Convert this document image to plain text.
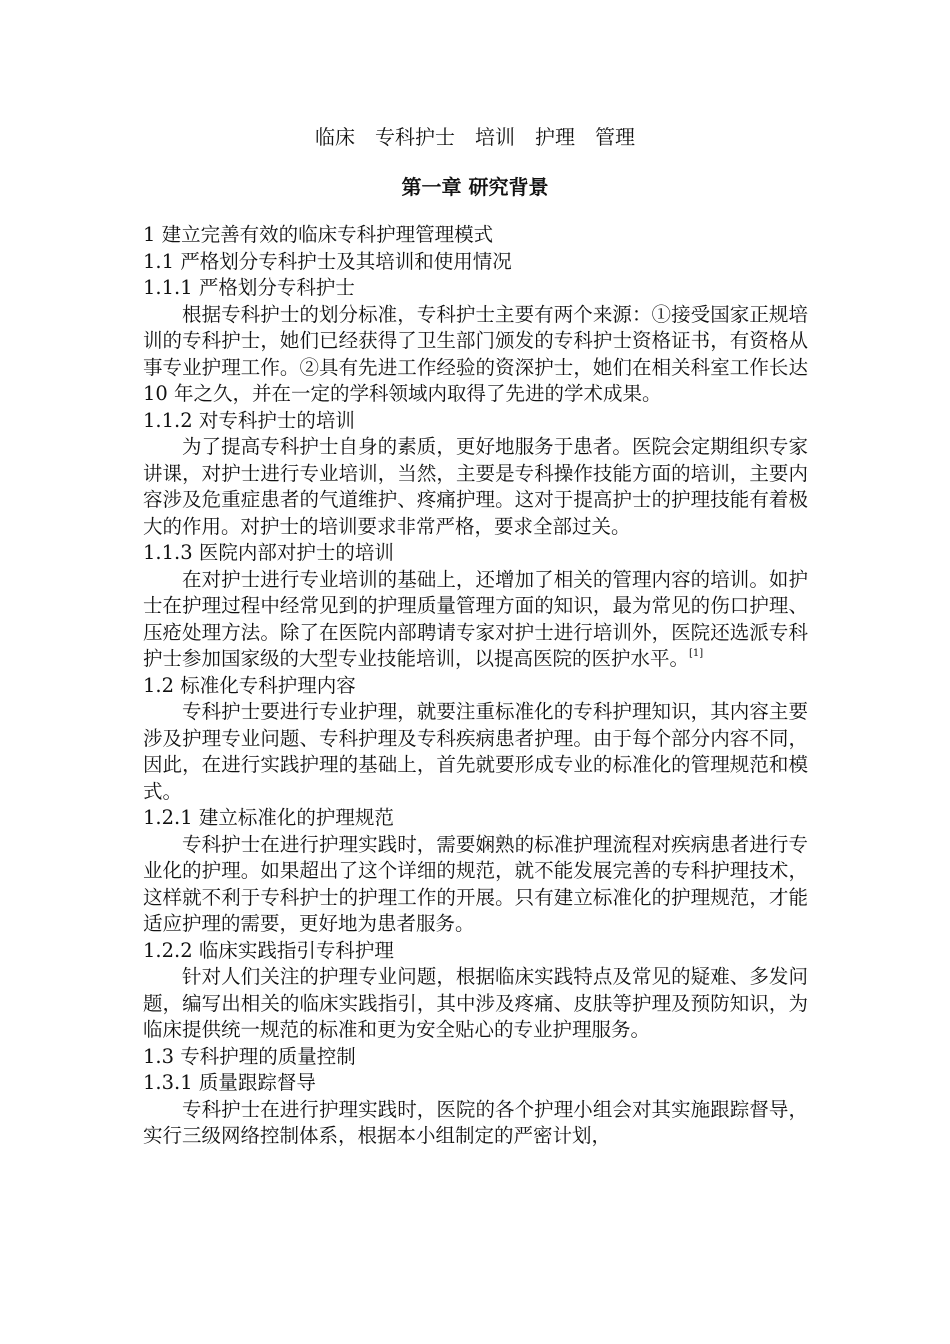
临床　专科护士　培训　护理　管理
第一章 研究背景
1 建立完善有效的临床专科护理管理模式
1.1 严格划分专科护士及其培训和使用情况
1.1.1 严格划分专科护士
根据专科护士的划分标准，专科护士主要有两个来源：①接受国家正规培训的专科护士，她们已经获得了卫生部门颁发的专科护士资格证书，有资格从事专业护理工作。②具有先进工作经验的资深护士，她们在相关科室工作长达 10 年之久，并在一定的学科领域内取得了先进的学术成果。
1.1.2 对专科护士的培训
为了提高专科护士自身的素质，更好地服务于患者。医院会定期组织专家讲课，对护士进行专业培训，当然，主要是专科操作技能方面的培训，主要内容涉及危重症患者的气道维护、疼痛护理。这对于提高护士的护理技能有着极大的作用。对护士的培训要求非常严格，要求全部过关。
1.1.3 医院内部对护士的培训
在对护士进行专业培训的基础上，还增加了相关的管理内容的培训。如护士在护理过程中经常见到的护理质量管理方面的知识，最为常见的伤口护理、压疮处理方法。除了在医院内部聘请专家对护士进行培训外，医院还选派专科护士参加国家级的大型专业技能培训，以提高医院的医护水平。[1]
1.2 标准化专科护理内容
专科护士要进行专业护理，就要注重标准化的专科护理知识，其内容主要涉及护理专业问题、专科护理及专科疾病患者护理。由于每个部分内容不同，因此，在进行实践护理的基础上，首先就要形成专业的标准化的管理规范和模式。
1.2.1 建立标准化的护理规范
专科护士在进行护理实践时，需要娴熟的标准护理流程对疾病患者进行专业化的护理。如果超出了这个详细的规范，就不能发展完善的专科护理技术，这样就不利于专科护士的护理工作的开展。只有建立标准化的护理规范，才能适应护理的需要，更好地为患者服务。
1.2.2 临床实践指引专科护理
针对人们关注的护理专业问题，根据临床实践特点及常见的疑难、多发问题，编写出相关的临床实践指引，其中涉及疼痛、皮肤等护理及预防知识，为临床提供统一规范的标准和更为安全贴心的专业护理服务。
1.3 专科护理的质量控制
1.3.1 质量跟踪督导
专科护士在进行护理实践时，医院的各个护理小组会对其实施跟踪督导，实行三级网络控制体系，根据本小组制定的严密计划，
